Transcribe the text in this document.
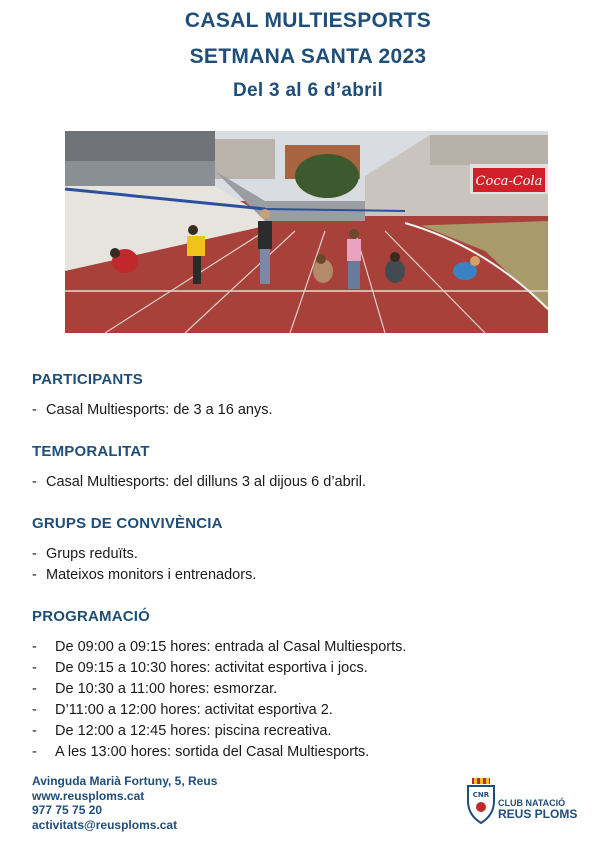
CASAL MULTIESPORTS
SETMANA SANTA 2023
Del 3 al 6 d’abril
Coca-Cola
PARTICIPANTS
- Casal Multiesports: de 3 a 16 anys.
TEMPORALITAT
- Casal Multiesports: del dilluns 3 al dijous 6 d’abril.
GRUPS DE CONVIVÈNCIA
- Grups reduïts.
- Mateixos monitors i entrenadors.
PROGRAMACIÓ
- De 09:00 a 09:15 hores: entrada al Casal Multiesports.
- De 09:15 a 10:30 hores: activitat esportiva i jocs.
- De 10:30 a 11:00 hores: esmorzar.
- D’11:00 a 12:00 hores: activitat esportiva 2.
- De 12:00 a 12:45 hores: piscina recreativa.
- A les 13:00 hores: sortida del Casal Multiesports.
Avinguda Marià Fortuny, 5, Reus
www.reusploms.cat
977 75 75 20
activitats@reusploms.cat
CNR
CLUB NATACIÓ
REUS PLOMS
